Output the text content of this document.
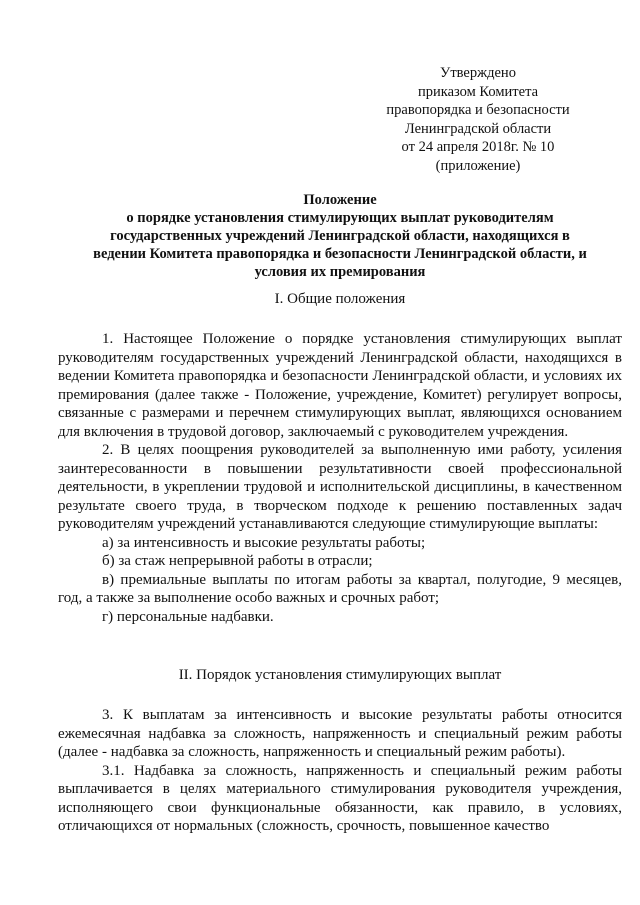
Утверждено
приказом Комитета
правопорядка и безопасности
Ленинградской области
от 24 апреля 2018г. № 10
(приложение)
Положение
о порядке установления стимулирующих выплат руководителям
государственных учреждений Ленинградской области, находящихся в
ведении Комитета правопорядка и безопасности Ленинградской области, и
условия их премирования
I. Общие положения

1. Настоящее Положение о порядке установления стимулирующих выплат руководителям государственных учреждений Ленинградской области, находящихся в ведении Комитета правопорядка и безопасности Ленинградской области, и условиях их премирования (далее также - Положение, учреждение, Комитет) регулирует вопросы, связанные с размерами и перечнем стимулирующих выплат, являющихся основанием для включения в трудовой договор, заключаемый с руководителем учреждения.

2. В целях поощрения руководителей за выполненную ими работу, усиления заинтересованности в повышении результативности своей профессиональной деятельности, в укреплении трудовой и исполнительской дисциплины, в качественном результате своего труда, в творческом подходе к решению поставленных задач руководителям учреждений устанавливаются следующие стимулирующие выплаты:

а) за интенсивность и высокие результаты работы;

б) за стаж непрерывной работы в отрасли;

в) премиальные выплаты по итогам работы за квартал, полугодие, 9 месяцев, год, а также за выполнение особо важных и срочных работ;

г) персональные надбавки.

II. Порядок установления стимулирующих выплат

3. К выплатам за интенсивность и высокие результаты работы относится ежемесячная надбавка за сложность, напряженность и специальный режим работы (далее - надбавка за сложность, напряженность и специальный режим работы).

3.1. Надбавка за сложность, напряженность и специальный режим работы выплачивается в целях материального стимулирования руководителя учреждения, исполняющего свои функциональные обязанности, как правило, в условиях, отличающихся от нормальных (сложность, срочность, повышенное качество
